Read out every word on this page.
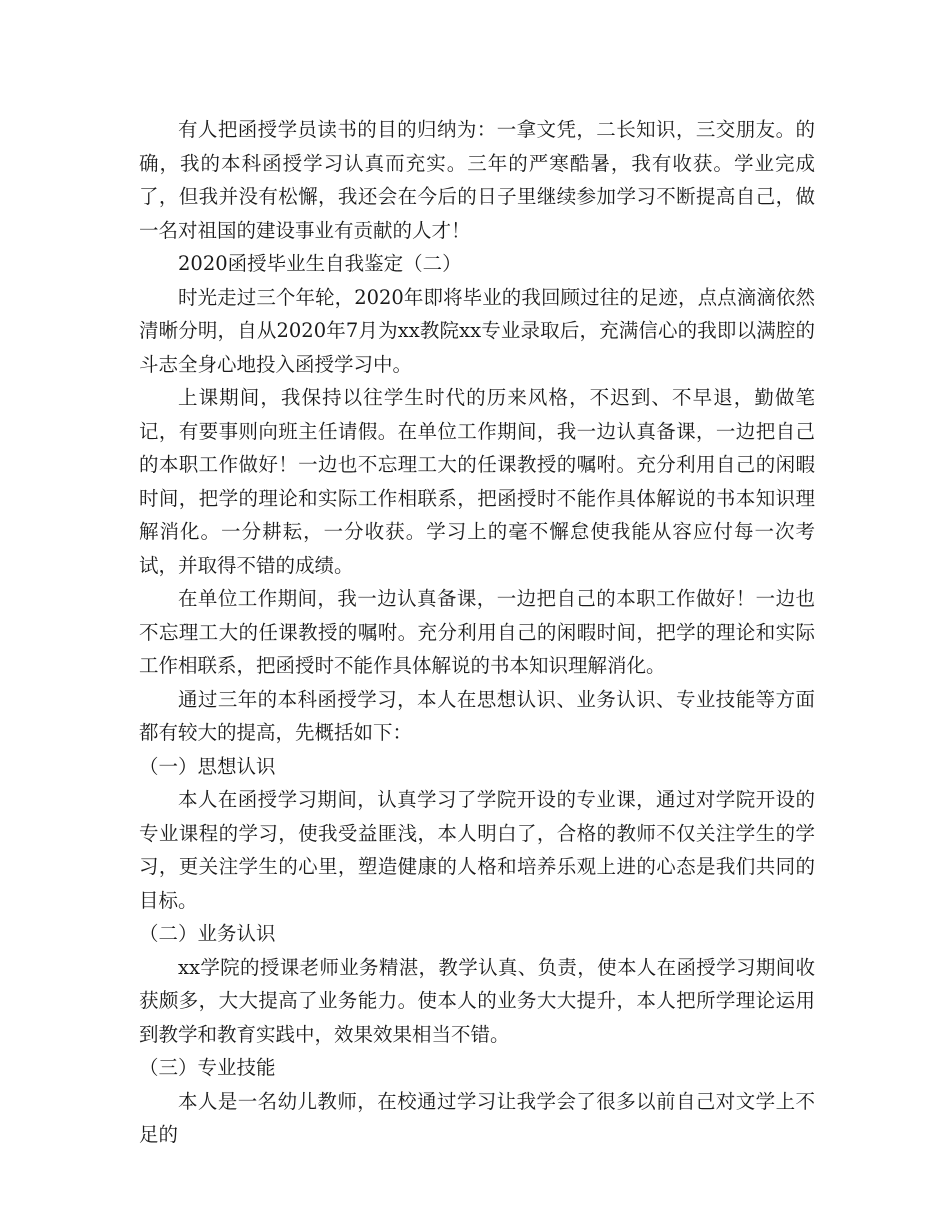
有人把函授学员读书的目的归纳为：一拿文凭，二长知识，三交朋友。的确，我的本科函授学习认真而充实。三年的严寒酷暑，我有收获。学业完成了，但我并没有松懈，我还会在今后的日子里继续参加学习不断提高自己，做一名对祖国的建设事业有贡献的人才！

2020函授毕业生自我鉴定（二）

时光走过三个年轮，2020年即将毕业的我回顾过往的足迹，点点滴滴依然清晰分明，自从2020年7月为xx教院xx专业录取后，充满信心的我即以满腔的斗志全身心地投入函授学习中。

上课期间，我保持以往学生时代的历来风格，不迟到、不早退，勤做笔记，有要事则向班主任请假。在单位工作期间，我一边认真备课，一边把自己的本职工作做好！一边也不忘理工大的任课教授的嘱咐。充分利用自己的闲暇时间，把学的理论和实际工作相联系，把函授时不能作具体解说的书本知识理解消化。一分耕耘，一分收获。学习上的毫不懈怠使我能从容应付每一次考试，并取得不错的成绩。

在单位工作期间，我一边认真备课，一边把自己的本职工作做好！一边也不忘理工大的任课教授的嘱咐。充分利用自己的闲暇时间，把学的理论和实际工作相联系，把函授时不能作具体解说的书本知识理解消化。

通过三年的本科函授学习，本人在思想认识、业务认识、专业技能等方面都有较大的提高，先概括如下：

（一）思想认识

本人在函授学习期间，认真学习了学院开设的专业课，通过对学院开设的专业课程的学习，使我受益匪浅，本人明白了，合格的教师不仅关注学生的学习，更关注学生的心里，塑造健康的人格和培养乐观上进的心态是我们共同的目标。

（二）业务认识

xx学院的授课老师业务精湛，教学认真、负责，使本人在函授学习期间收获颇多，大大提高了业务能力。使本人的业务大大提升，本人把所学理论运用到教学和教育实践中，效果效果相当不错。

（三）专业技能

本人是一名幼儿教师，在校通过学习让我学会了很多以前自己对文学上不足的
